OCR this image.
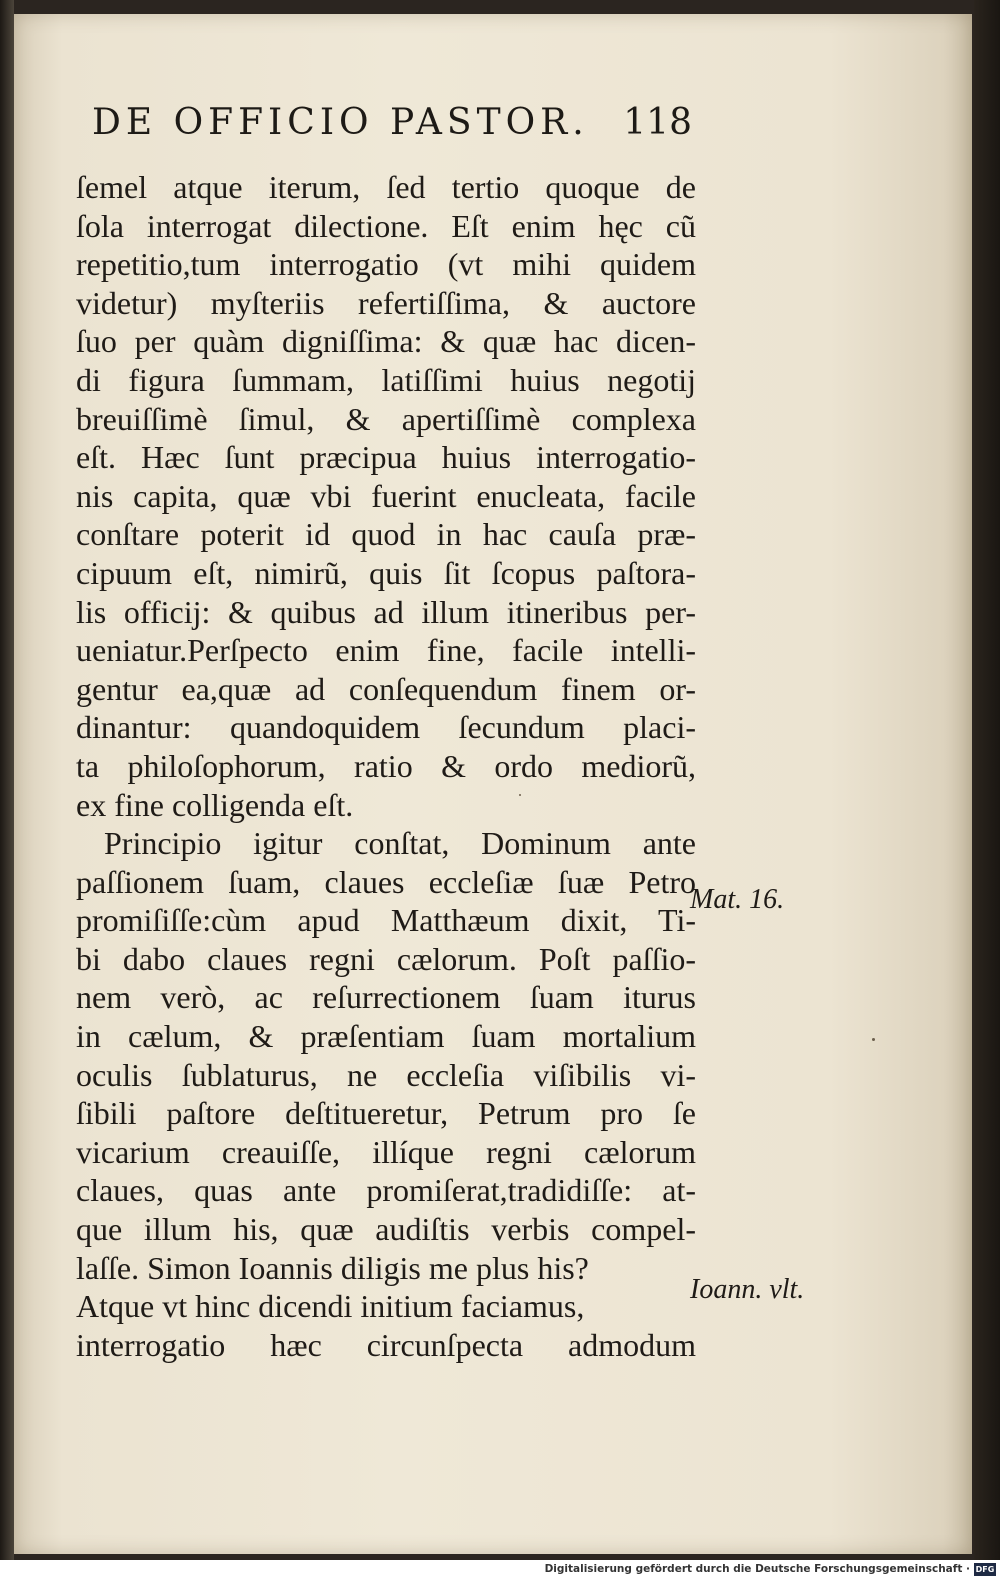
DE OFFICIO PASTOR. 118
ſemel atque iterum, ſed tertio quoque de
ſola interrogat dilectione. Eſt enim hęc cũ
repetitio,tum interrogatio (vt mihi quidem
videtur) myſteriis refertiſſima, & auctore
ſuo per quàm digniſſima: & quæ hac dicen-
di figura ſummam, latiſſimi huius negotij
breuiſſimè ſimul, & apertiſſimè complexa
eſt. Hæc ſunt præcipua huius interrogatio-
nis capita, quæ vbi fuerint enucleata, facile
conſtare poterit id quod in hac cauſa præ-
cipuum eſt, nimirũ, quis ſit ſcopus paſtora-
lis officij: & quibus ad illum itineribus per-
ueniatur.Perſpecto enim fine, facile intelli-
gentur ea,quæ ad conſequendum finem or-
dinantur: quandoquidem ſecundum placi-
ta philoſophorum, ratio & ordo mediorũ,
ex fine colligenda eſt.
Principio igitur conſtat, Dominum ante
paſſionem ſuam, claues eccleſiæ ſuæ Petro
promiſiſſe:cùm apud Matthæum dixit, Ti-
bi dabo claues regni cælorum. Poſt paſſio-
nem verò, ac reſurrectionem ſuam iturus
in cælum, & præſentiam ſuam mortalium
oculis ſublaturus, ne eccleſia viſibilis vi-
ſibili paſtore deſtitueretur, Petrum pro ſe
vicarium creauiſſe, illíque regni cælorum
claues, quas ante promiſerat,tradidiſſe: at-
que illum his, quæ audiſtis verbis compel-
laſſe. Simon Ioannis diligis me plus his?
Atque vt hinc dicendi initium faciamus,
interrogatio hæc circunſpecta admodum
Mat. 16.
Ioann. vlt.
Digitalisierung gefördert durch die Deutsche Forschungsgemeinschaft · DFG
